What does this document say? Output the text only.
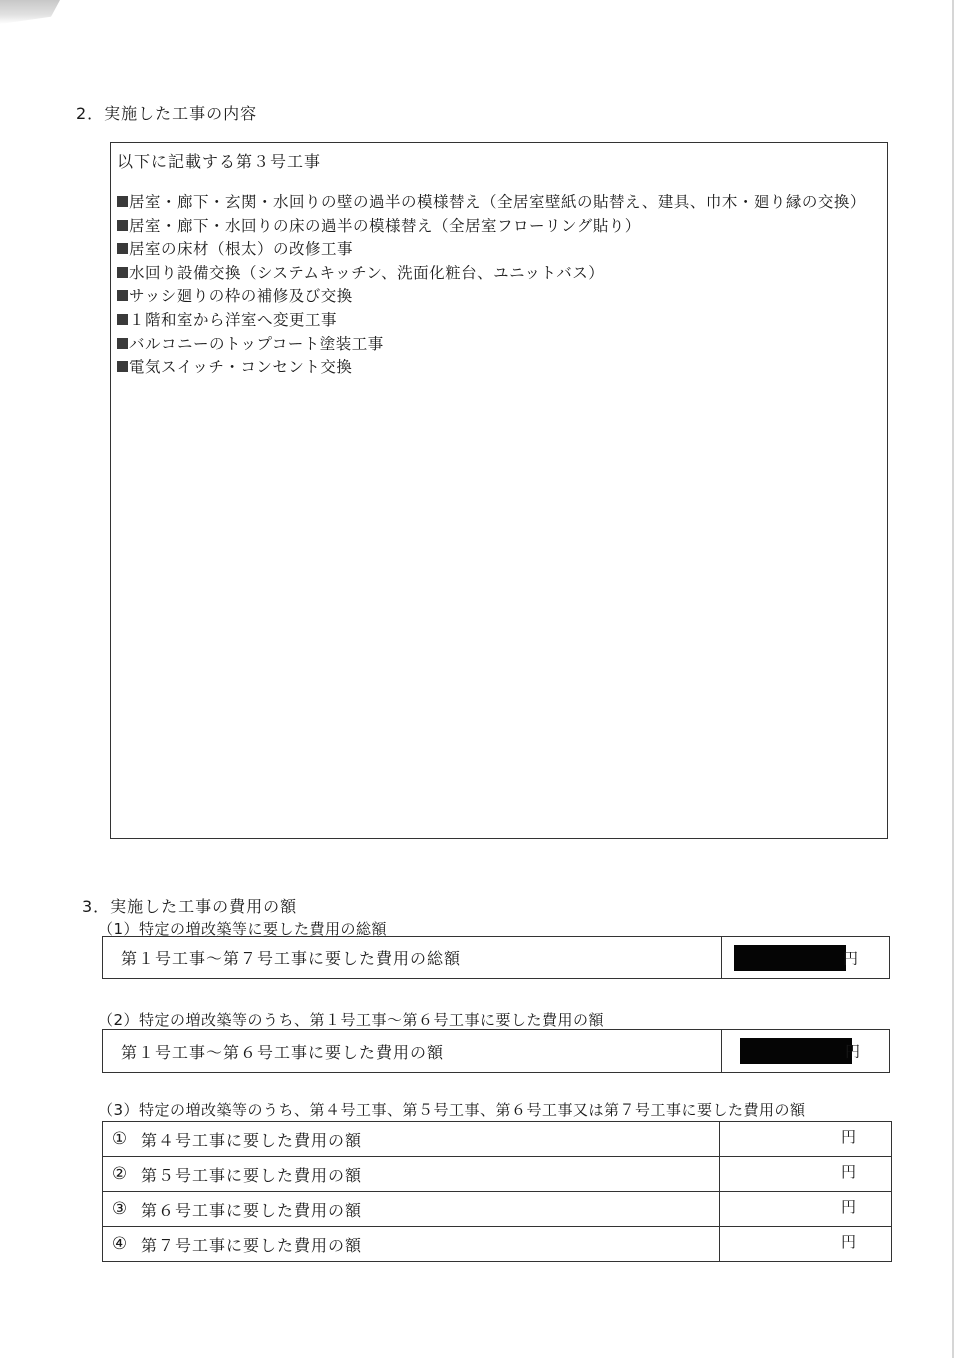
2．実施した工事の内容
以下に記載する第３号工事
居室・廊下・玄関・水回りの壁の過半の模様替え（全居室壁紙の貼替え、建具、巾木・廻り縁の交換）
居室・廊下・水回りの床の過半の模様替え（全居室フローリング貼り）
居室の床材（根太）の改修工事
水回り設備交換（システムキッチン、洗面化粧台、ユニットバス）
サッシ廻りの枠の補修及び交換
１階和室から洋室へ変更工事
バルコニーのトップコート塗装工事
電気スイッチ・コンセント交換
3．実施した工事の費用の額
（1）特定の増改築等に要した費用の総額
第１号工事～第７号工事に要した費用の総額	円
（2）特定の増改築等のうち、第１号工事～第６号工事に要した費用の額
第１号工事～第６号工事に要した費用の額	円
（3）特定の増改築等のうち、第４号工事、第５号工事、第６号工事又は第７号工事に要した費用の額
①	第４号工事に要した費用の額	円

②	第５号工事に要した費用の額	円

③	第６号工事に要した費用の額	円

④	第７号工事に要した費用の額	円
